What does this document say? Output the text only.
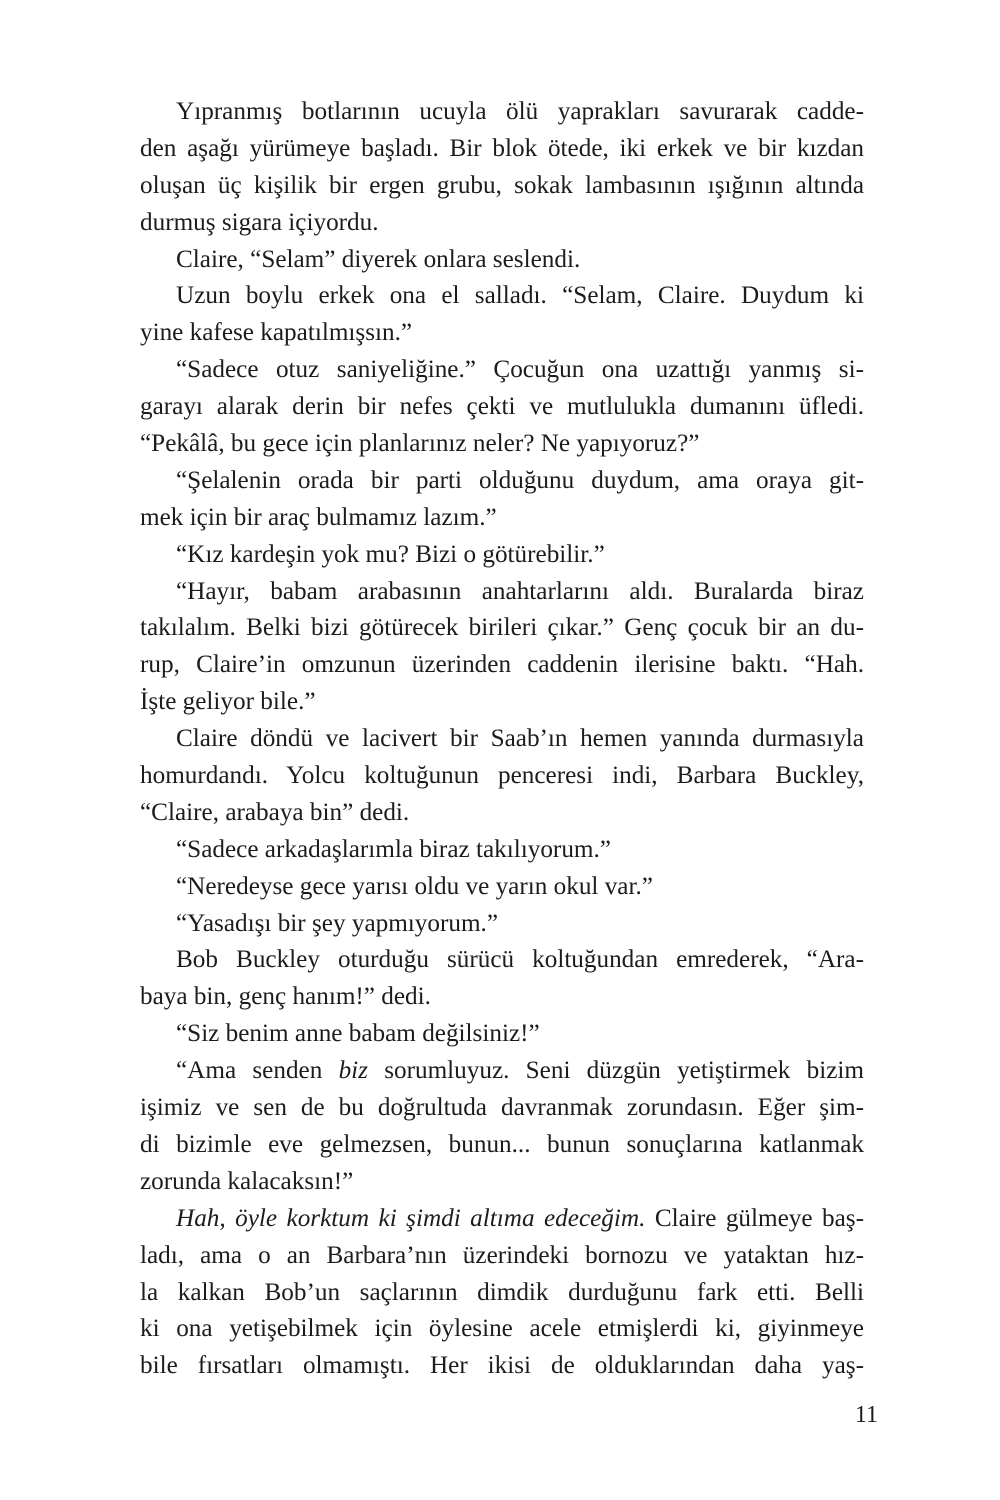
Yıpranmış botlarının ucuyla ölü yaprakları savurarak cadde-
den aşağı yürümeye başladı. Bir blok ötede, iki erkek ve bir kızdan
oluşan üç kişilik bir ergen grubu, sokak lambasının ışığının altında
durmuş sigara içiyordu.
Claire, “Selam” diyerek onlara seslendi.
Uzun boylu erkek ona el salladı. “Selam, Claire. Duydum ki
yine kafese kapatılmışsın.”
“Sadece otuz saniyeliğine.” Çocuğun ona uzattığı yanmış si-
garayı alarak derin bir nefes çekti ve mutlulukla dumanını üfledi.
“Pekâlâ, bu gece için planlarınız neler? Ne yapıyoruz?”
“Şelalenin orada bir parti olduğunu duydum, ama oraya git-
mek için bir araç bulmamız lazım.”
“Kız kardeşin yok mu? Bizi o götürebilir.”
“Hayır, babam arabasının anahtarlarını aldı. Buralarda biraz
takılalım. Belki bizi götürecek birileri çıkar.” Genç çocuk bir an du-
rup, Claire’in omzunun üzerinden caddenin ilerisine baktı. “Hah.
İşte geliyor bile.”
Claire döndü ve lacivert bir Saab’ın hemen yanında durmasıyla
homurdandı. Yolcu koltuğunun penceresi indi, Barbara Buckley,
“Claire, arabaya bin” dedi.
“Sadece arkadaşlarımla biraz takılıyorum.”
“Neredeyse gece yarısı oldu ve yarın okul var.”
“Yasadışı bir şey yapmıyorum.”
Bob Buckley oturduğu sürücü koltuğundan emrederek, “Ara-
baya bin, genç hanım!” dedi.
“Siz benim anne babam değilsiniz!”
“Ama senden biz sorumluyuz. Seni düzgün yetiştirmek bizim
işimiz ve sen de bu doğrultuda davranmak zorundasın. Eğer şim-
di bizimle eve gelmezsen, bunun... bunun sonuçlarına katlanmak
zorunda kalacaksın!”
Hah, öyle korktum ki şimdi altıma edeceğim. Claire gülmeye baş-
ladı, ama o an Barbara’nın üzerindeki bornozu ve yataktan hız-
la kalkan Bob’un saçlarının dimdik durduğunu fark etti. Belli
ki ona yetişebilmek için öylesine acele etmişlerdi ki, giyinmeye
bile fırsatları olmamıştı. Her ikisi de olduklarından daha yaş-
11
